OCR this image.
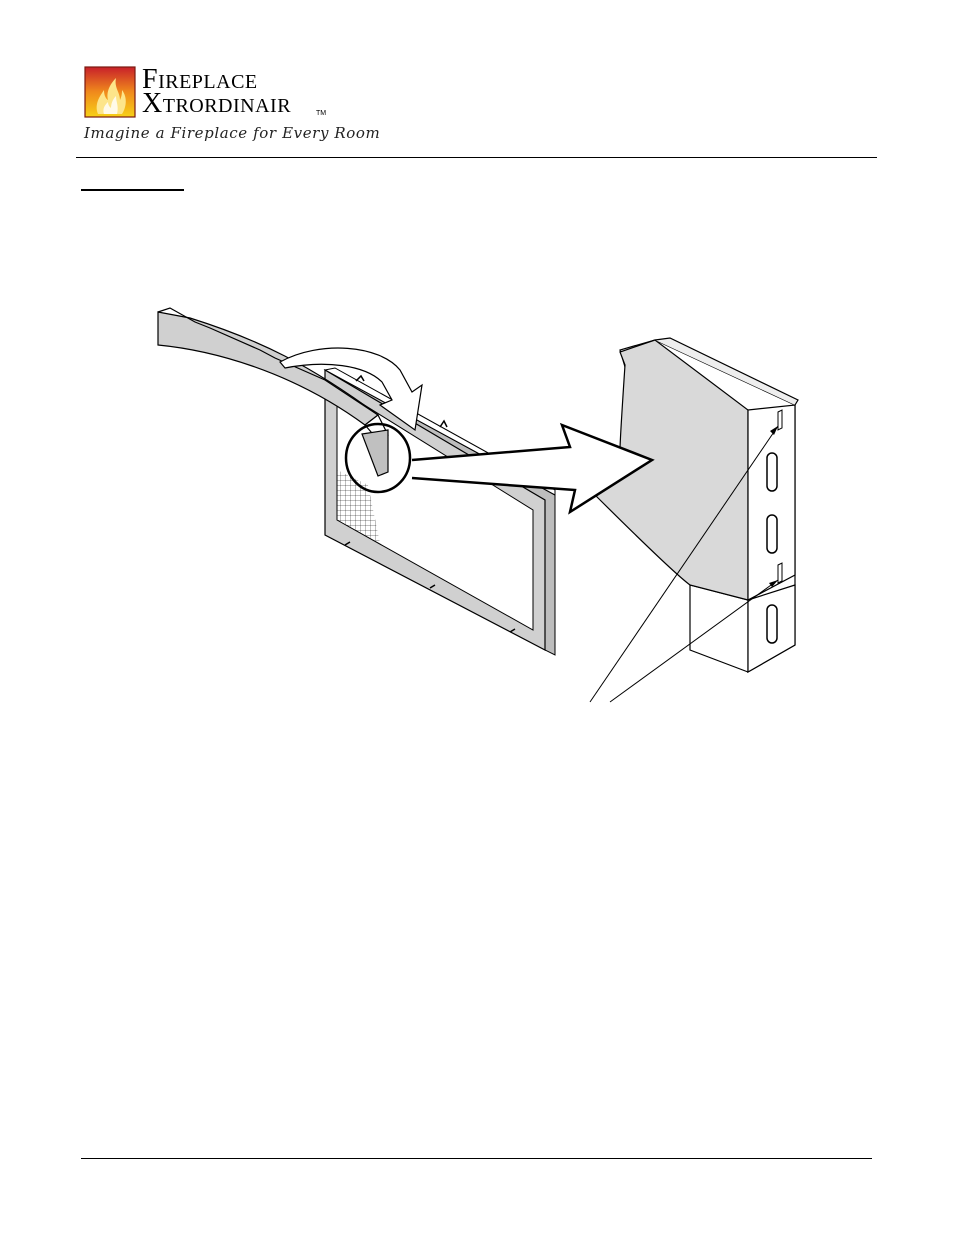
Fireplace
Xtrordinair	TM
Imagine a Fireplace for Every Room
